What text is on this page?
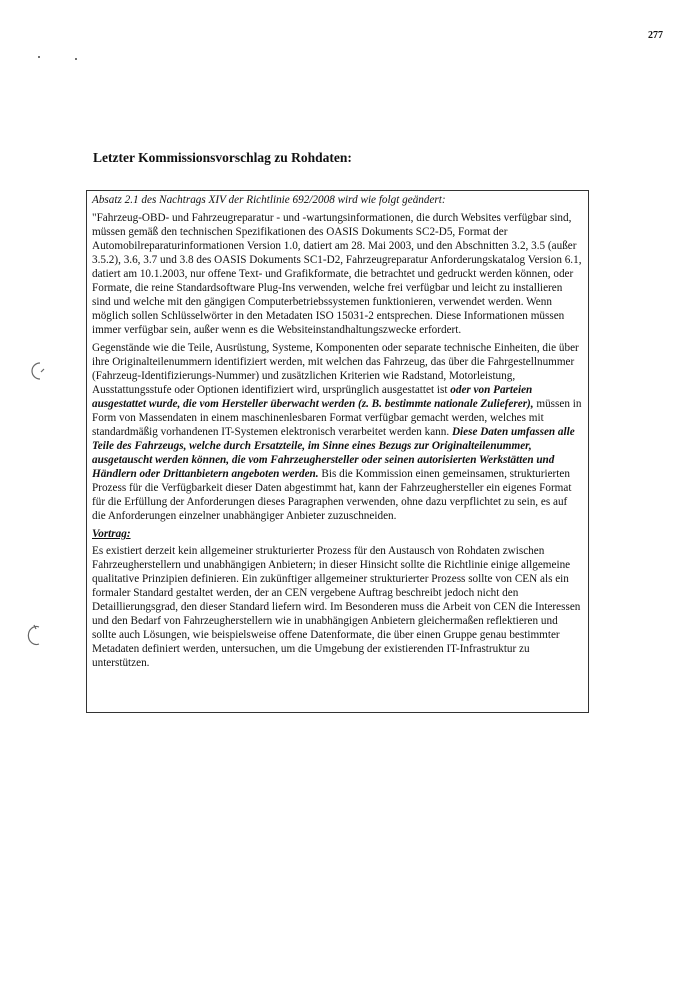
277
Letzter Kommissionsvorschlag zu Rohdaten:

Absatz 2.1 des Nachtrags XIV der Richtlinie 692/2008 wird wie folgt geändert:

"Fahrzeug-OBD- und Fahrzeugreparatur - und -wartungsinformationen, die durch Websites verfügbar sind, müssen gemäß den technischen Spezifikationen des OASIS Dokuments SC2-D5, Format der Automobilreparaturinformationen Version 1.0, datiert am 28. Mai 2003, und den Abschnitten 3.2, 3.5 (außer 3.5.2), 3.6, 3.7 und 3.8 des OASIS Dokuments SC1-D2, Fahrzeugreparatur Anforderungskatalog Version 6.1, datiert am 10.1.2003, nur offene Text- und Grafikformate, die betrachtet und gedruckt werden können, oder Formate, die reine Standardsoftware Plug-Ins verwenden, welche frei verfügbar und leicht zu installieren sind und welche mit den gängigen Computerbetriebssystemen funktionieren, verwendet werden. Wenn möglich sollen Schlüsselwörter in den Metadaten ISO 15031-2 entsprechen. Diese Informationen müssen immer verfügbar sein, außer wenn es die Websiteinstandhaltungszwecke erfordert.

Gegenstände wie die Teile, Ausrüstung, Systeme, Komponenten oder separate technische Einheiten, die über ihre Originalteilenummern identifiziert werden, mit welchen das Fahrzeug, das über die Fahrgestellnummer (Fahrzeug-Identifizierungs-Nummer) und zusätzlichen Kriterien wie Radstand, Motorleistung, Ausstattungsstufe oder Optionen identifiziert wird, ursprünglich ausgestattet ist oder von Parteien ausgestattet wurde, die vom Hersteller überwacht werden (z. B. bestimmte nationale Zulieferer), müssen in Form von Massendaten in einem maschinenlesbaren Format verfügbar gemacht werden, welches mit standardmäßig vorhandenen IT-Systemen elektronisch verarbeitet werden kann. Diese Daten umfassen alle Teile des Fahrzeugs, welche durch Ersatzteile, im Sinne eines Bezugs zur Originalteilenummer, ausgetauscht werden können, die vom Fahrzeughersteller oder seinen autorisierten Werkstätten und Händlern oder Drittanbietern angeboten werden. Bis die Kommission einen gemeinsamen, strukturierten Prozess für die Verfügbarkeit dieser Daten abgestimmt hat, kann der Fahrzeughersteller ein eigenes Format für die Erfüllung der Anforderungen dieses Paragraphen verwenden, ohne dazu verpflichtet zu sein, es auf die Anforderungen einzelner unabhängiger Anbieter zuzuschneiden.

Vortrag:

Es existiert derzeit kein allgemeiner strukturierter Prozess für den Austausch von Rohdaten zwischen Fahrzeugherstellern und unabhängigen Anbietern; in dieser Hinsicht sollte die Richtlinie einige allgemeine qualitative Prinzipien definieren. Ein zukünftiger allgemeiner strukturierter Prozess sollte von CEN als ein formaler Standard gestaltet werden, der an CEN vergebene Auftrag beschreibt jedoch nicht den Detaillierungsgrad, den dieser Standard liefern wird. Im Besonderen muss die Arbeit von CEN die Interessen und den Bedarf von Fahrzeugherstellern wie in unabhängigen Anbietern gleichermaßen reflektieren und sollte auch Lösungen, wie beispielsweise offene Datenformate, die über einen Gruppe genau bestimmter Metadaten definiert werden, untersuchen, um die Umgebung der existierenden IT-Infrastruktur zu unterstützen.
